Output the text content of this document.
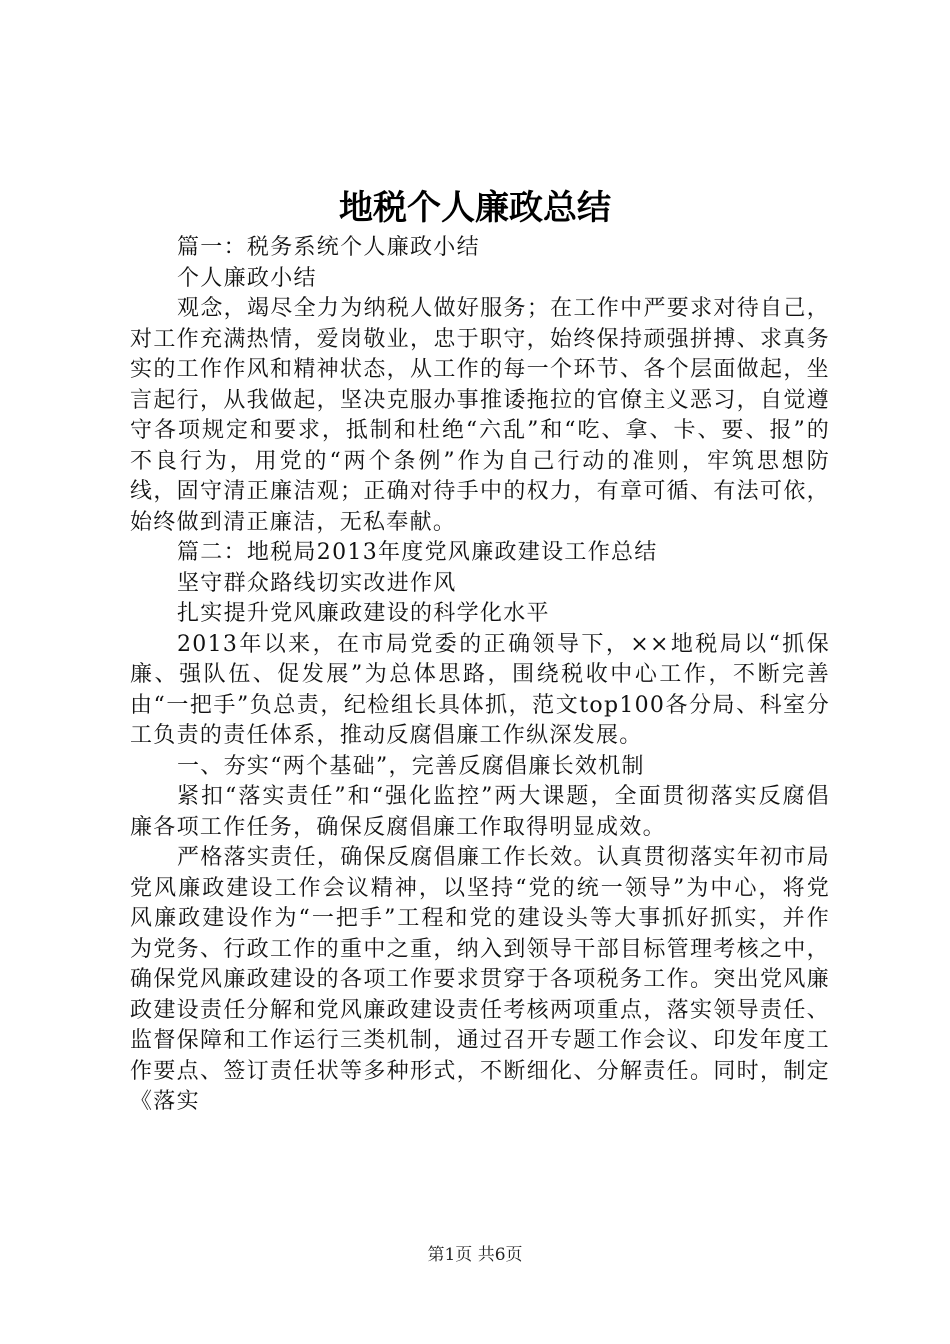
地税个人廉政总结

篇一：税务系统个人廉政小结

个人廉政小结

观念，竭尽全力为纳税人做好服务；在工作中严要求对待自己，对工作充满热情，爱岗敬业，忠于职守，始终保持顽强拼搏、求真务实的工作作风和精神状态，从工作的每一个环节、各个层面做起，坐言起行，从我做起，坚决克服办事推诿拖拉的官僚主义恶习，自觉遵守各项规定和要求，抵制和杜绝“六乱”和“吃、拿、卡、要、报”的不良行为，用党的“两个条例”作为自己行动的准则，牢筑思想防线，固守清正廉洁观；正确对待手中的权力，有章可循、有法可依，始终做到清正廉洁，无私奉献。

篇二：地税局2013年度党风廉政建设工作总结

坚守群众路线切实改进作风

扎实提升党风廉政建设的科学化水平

2013年以来，在市局党委的正确领导下，××地税局以“抓保廉、强队伍、促发展”为总体思路，围绕税收中心工作，不断完善由“一把手”负总责，纪检组长具体抓，范文top100各分局、科室分工负责的责任体系，推动反腐倡廉工作纵深发展。

一、夯实“两个基础”，完善反腐倡廉长效机制

紧扣“落实责任”和“强化监控”两大课题，全面贯彻落实反腐倡廉各项工作任务，确保反腐倡廉工作取得明显成效。

严格落实责任，确保反腐倡廉工作长效。认真贯彻落实年初市局党风廉政建设工作会议精神，以坚持“党的统一领导”为中心，将党风廉政建设作为“一把手”工程和党的建设头等大事抓好抓实，并作为党务、行政工作的重中之重，纳入到领导干部目标管理考核之中，确保党风廉政建设的各项工作要求贯穿于各项税务工作。突出党风廉政建设责任分解和党风廉政建设责任考核两项重点，落实领导责任、监督保障和工作运行三类机制，通过召开专题工作会议、印发年度工作要点、签订责任状等多种形式，不断细化、分解责任。同时，制定《落实

第1页 共6页
